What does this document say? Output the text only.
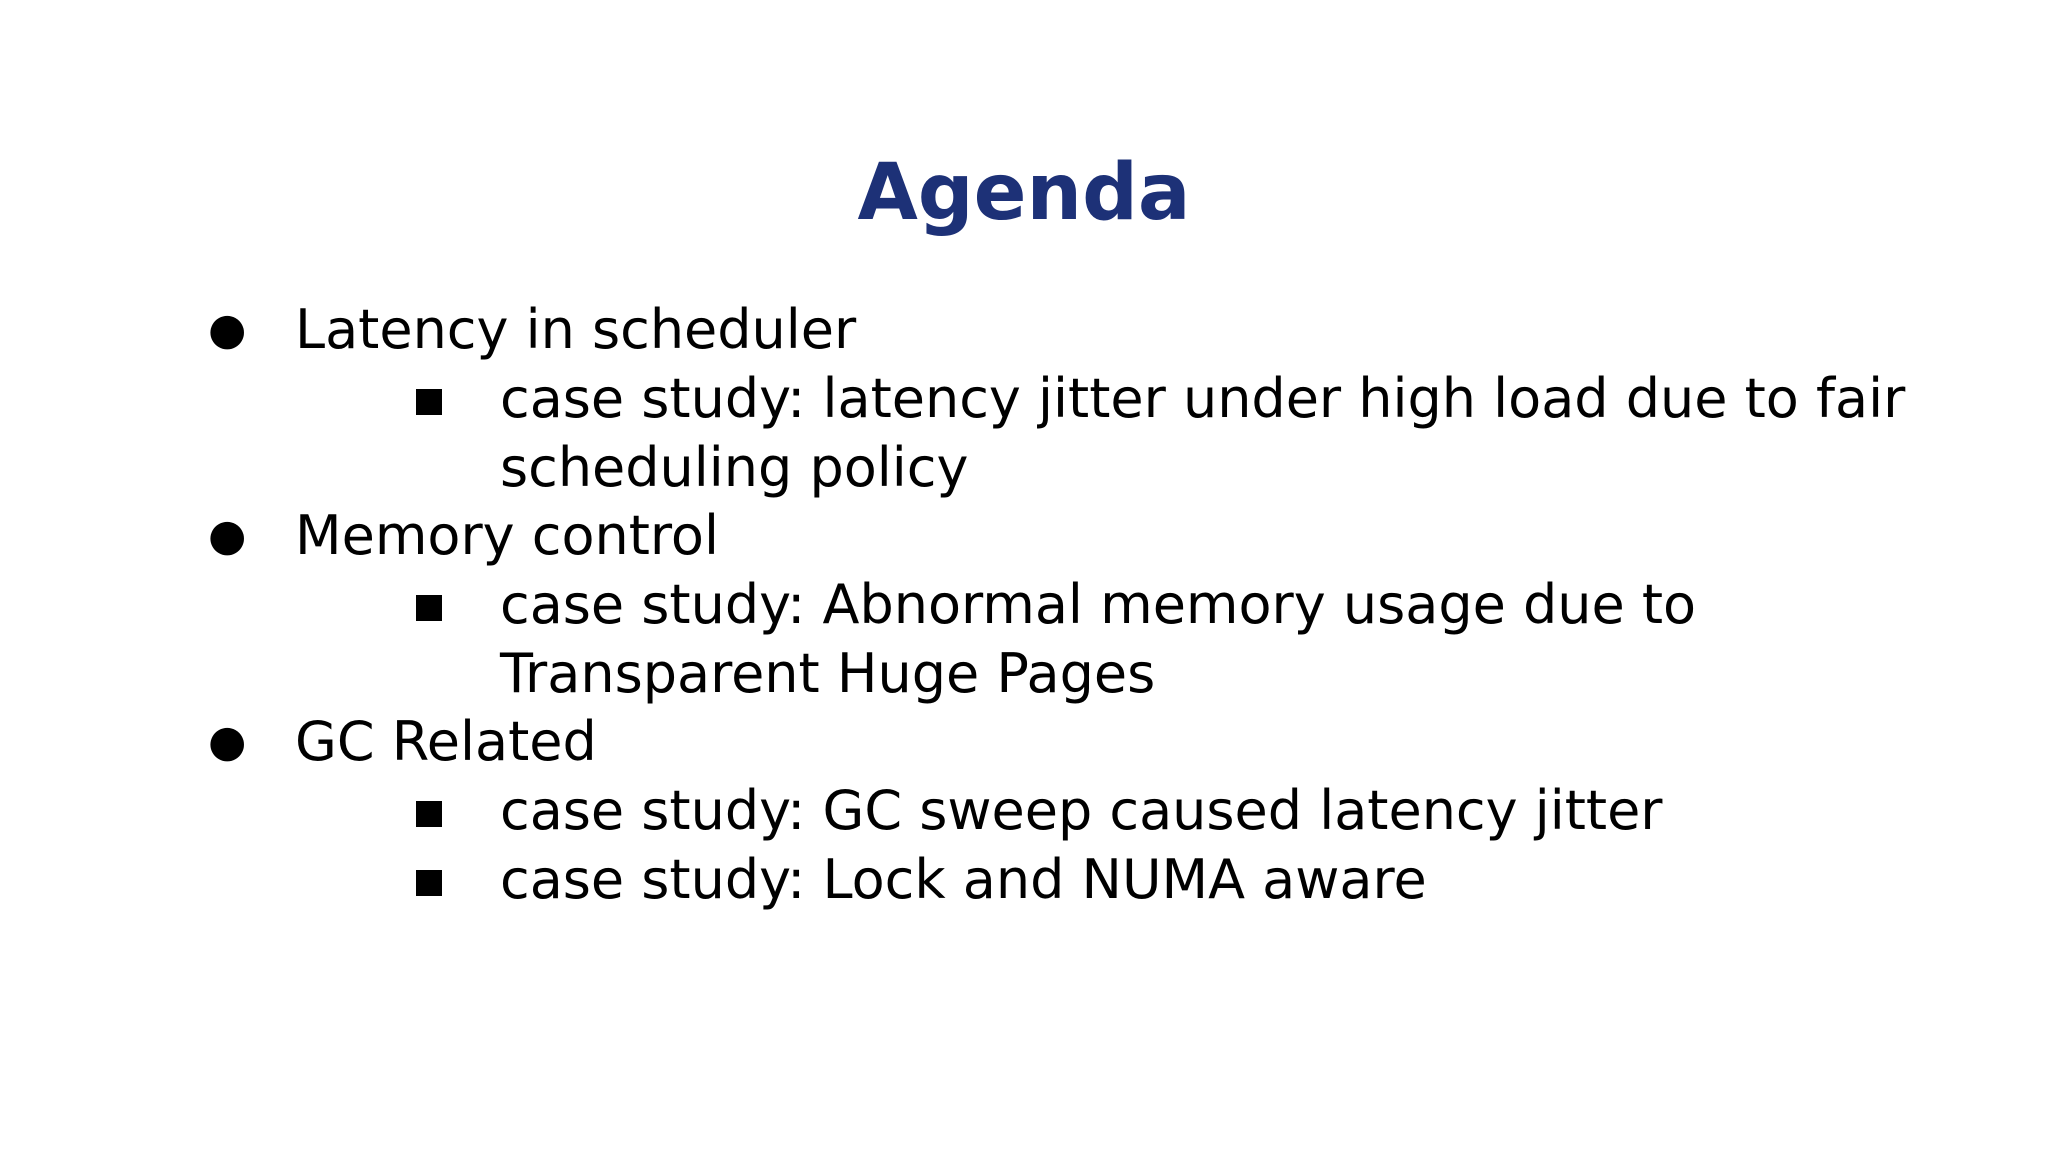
Agenda
● Latency in scheduler
case study: latency jitter under high load due to fair
scheduling policy
● Memory control
case study: Abnormal memory usage due to
Transparent Huge Pages
● GC Related
case study: GC sweep caused latency jitter
case study: Lock and NUMA aware
